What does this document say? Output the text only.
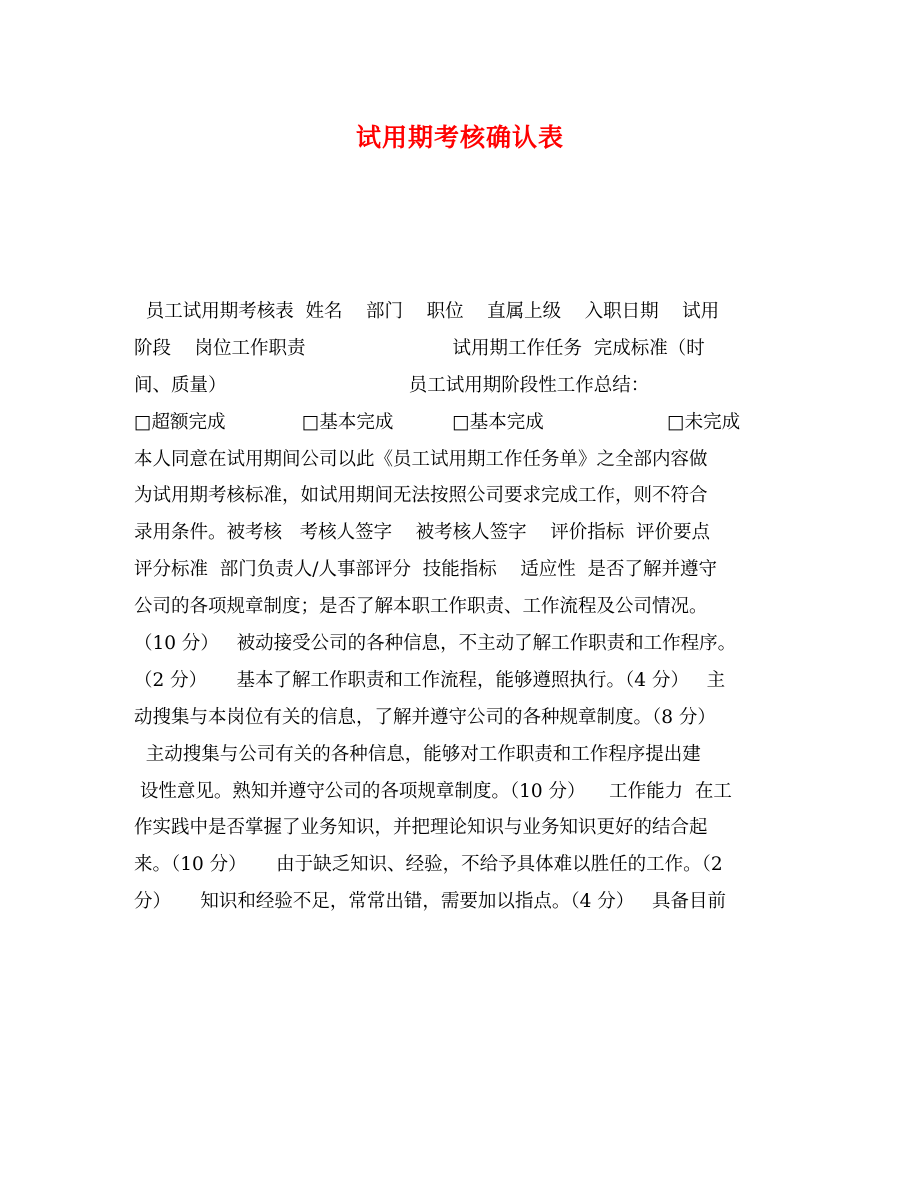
试用期考核确认表
员工试用期考核表  姓名    部门    职位    直属上级    入职日期    试用
阶段    岗位工作职责                         试用期工作任务  完成标准（时
间、质量）                               员工试用期阶段性工作总结：
□超额完成             □基本完成          □基本完成                     □未完成
本人同意在试用期间公司以此《员工试用期工作任务单》之全部内容做
为试用期考核标准，如试用期间无法按照公司要求完成工作，则不符合
录用条件。被考核   考核人签字    被考核人签字    评价指标  评价要点
评分标准  部门负责人/人事部评分  技能指标    适应性  是否了解并遵守
公司的各项规章制度；是否了解本职工作职责、工作流程及公司情况。
（10 分）   被动接受公司的各种信息，不主动了解工作职责和工作程序。
（2 分）     基本了解工作职责和工作流程，能够遵照执行。（4 分）   主
动搜集与本岗位有关的信息，了解并遵守公司的各种规章制度。（8 分）
主动搜集与公司有关的各种信息，能够对工作职责和工作程序提出建
设性意见。熟知并遵守公司的各项规章制度。（10 分）    工作能力  在工
作实践中是否掌握了业务知识，并把理论知识与业务知识更好的结合起
来。（10 分）     由于缺乏知识、经验，不给予具体难以胜任的工作。（2
分）     知识和经验不足，常常出错，需要加以指点。（4 分）   具备目前
